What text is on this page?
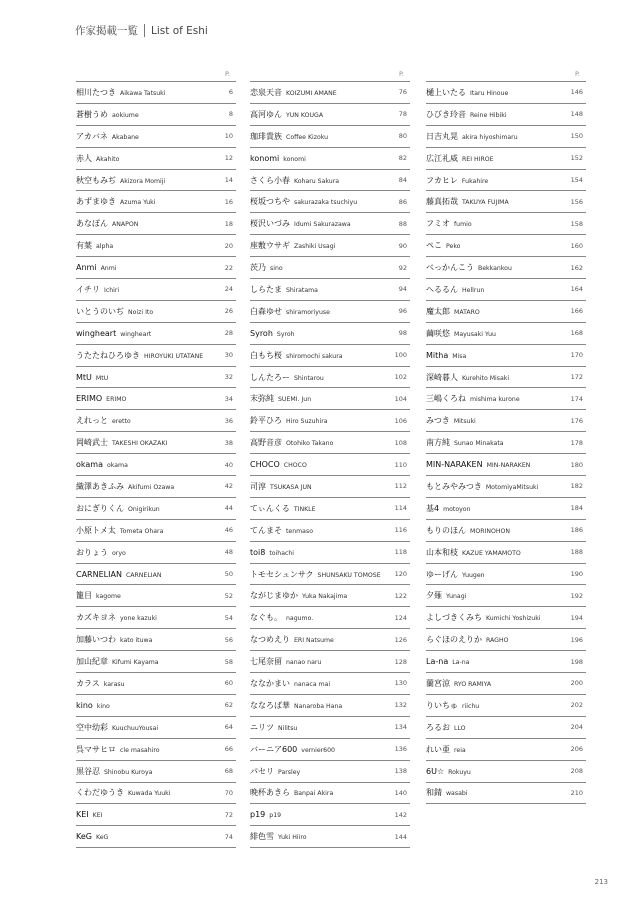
作家掲載一覧 List of Eshi
P.
相川たつき Aikawa Tatsuki	6
蒼樹うめ aokiume	8
アカバネ Akabane	10
赤人 Akahito	12
秋空もみぢ Akizora Momiji	14
あずまゆき Azuma Yuki	16
あなぽん ANAPON	18
有葉 alpha	20
Anmi Anmi	22
イチリ Ichiri	24
いとうのいぢ Noizi Ito	26
wingheart wingheart	28
うたたねひろゆき HIROYUKI UTATANE	30
MtU MtU	32
ERIMO ERIMO	34
えれっと eretto	36
岡崎武士 TAKESHI OKAZAKI	38
okama okama	40
織澤あきふみ Akifumi Ozawa	42
おにぎりくん Onigirikun	44
小原トメ太 Tometa Ohara	46
おりょう oryo	48
CARNELIAN CARNELIAN	50
籠目 kagome	52
カズキヨネ yone kazuki	54
加藤いつわ kato ituwa	56
加山紀章 Kifumi Kayama	58
カラス karasu	60
kino kino	62
空中幼彩 KuuchuuYousai	64
呉マサヒロ cle masahiro	66
黒谷忍 Shinobu Kuroya	68
くわだゆうき Kuwada Yuuki	70
KEI KEI	72
KeG KeG	74
P.
恋泉天音 KOIZUMI AMANE	76
高河ゆん YUN KOUGA	78
珈琲貴族 Coffee Kizoku	80
konomi konomi	82
さくら小春 Koharu Sakura	84
桜坂つちや sakurazaka tsuchiyu	86
桜沢いづみ Idumi Sakurazawa	88
座敷ウサギ Zashiki Usagi	90
茨乃 sino	92
しらたま Shiratama	94
白森ゆせ shiramoriyuse	96
Syroh Syroh	98
白もち桜 shiromochi sakura	100
しんたろー Shintarou	102
末弥純 SUEMI. Jun	104
鈴平ひろ Hiro Suzuhira	106
高野音彦 Otohiko Takano	108
CHOCO CHOCO	110
司淳 TSUKASA JUN	112
てぃんくる TINKLE	114
てんまそ tenmaso	116
toi8 toihachi	118
トモセシュンサク SHUNSAKU TOMOSE	120
ながじまゆか Yuka Nakajima	122
なぐも。 nagumo.	124
なつめえり ERI Natsume	126
七尾奈留 nanao naru	128
ななかまい nanaca mai	130
ななろば華 Nanaroba Hana	132
ニリツ Nilitsu	134
バーニア600 vernier600	136
パセリ Parsley	138
晩杯あきら Banpai Akira	140
p19 p19	142
緋色雪 Yuki Hiiro	144
P.
樋上いたる Itaru Hinoue	146
ひびき玲音 Reine Hibiki	148
日吉丸晃 akira hiyoshimaru	150
広江礼威 REI HIROE	152
フカヒレ Fukahire	154
藤真拓哉 TAKUYA FUJIMA	156
フミオ fumio	158
ペこ Peko	160
べっかんこう Bekkankou	162
へるるん Hellrun	164
魔太郎 MATARO	166
繭咲悠 Mayusaki Yuu	168
Mitha Misa	170
深崎暮人 Kurehito Misaki	172
三嶋くろね mishima kurone	174
みつき Mitsuki	176
南方純 Sunao Minakata	178
MIN-NARAKEN MIN-NARAKEN	180
もとみやみつき MotomiyaMitsuki	182
基4 motoyon	184
もりのほん MORINOHON	186
山本和枝 KAZUE YAMAMOTO	188
ゆーげん Yuugen	190
夕薙 Yunagi	192
よしづきくみち Kumichi Yoshizuki	194
らぐほのえりか RAGHO	196
La-na La-na	198
蘭宮涼 RYO RAMIYA	200
りいちゅ riichu	202
ろるお LLO	204
れい亜 reia	206
6U☆ Rokuyu	208
和錆 wasabi	210
213
